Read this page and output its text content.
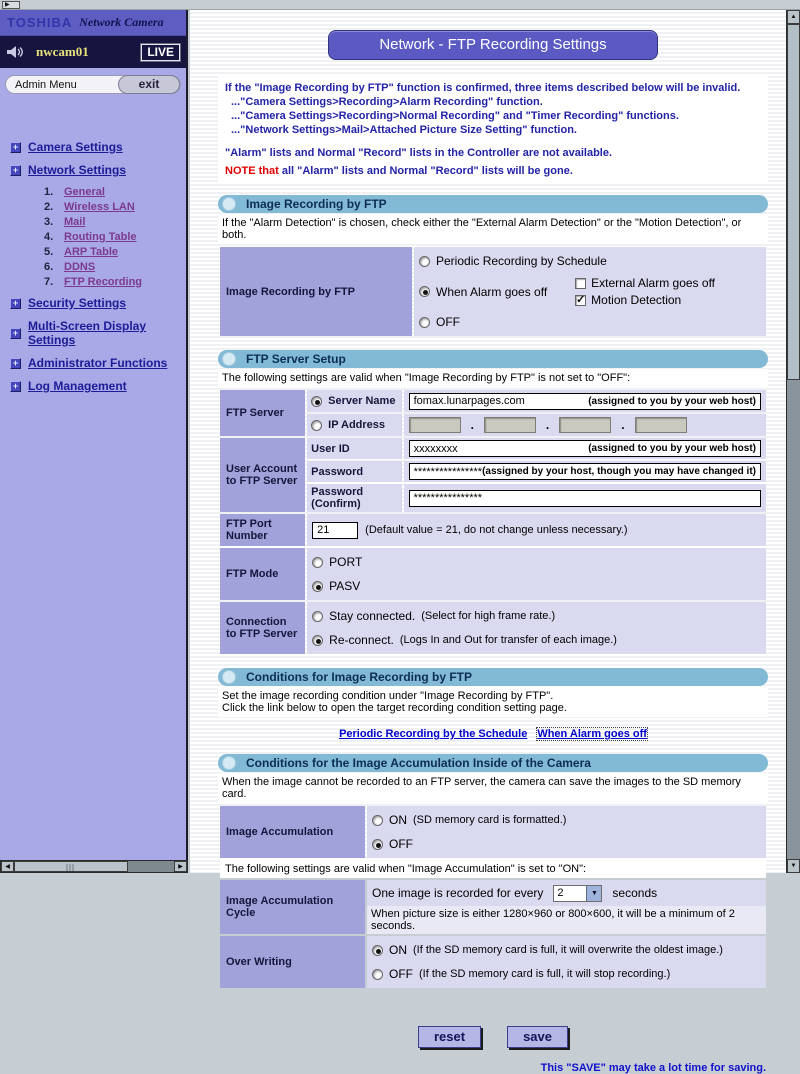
▶
TOSHIBA Network Camera
nwcam01	LIVE
Admin Menu	exit
+ Camera Settings
+ Network Settings
1. General
2. Wireless LAN
3. Mail
4. Routing Table
5. ARP Table
6. DDNS
7. FTP Recording
+ Security Settings
+ Multi-Screen Display Settings
+ Administrator Functions
+ Log Management
◀	▶
Network - FTP Recording Settings
If the "Image Recording by FTP" function is confirmed, three items described below will be invalid.
..."Camera Settings>Recording>Alarm Recording" function.
..."Camera Settings>Recording>Normal Recording" and "Timer Recording" functions.
..."Network Settings>Mail>Attached Picture Size Setting" function.
"Alarm" lists and Normal "Record" lists in the Controller are not available.
NOTE that all "Alarm" lists and Normal "Record" lists will be gone.
Image Recording by FTP
If the "Alarm Detection" is chosen, check either the "External Alarm Detection" or the "Motion Detection", or both.
Image Recording by FTP	
Periodic Recording by Schedule
When Alarm goes off
External Alarm goes off
✓ Motion Detection
OFF
FTP Server Setup
The following settings are valid when "Image Recording by FTP" is not set to "OFF":
FTP Server	Server Name	fomax.lunarpages.com (assigned to you by your web host)

	IP Address	. . .

User Account to FTP Server	User ID	xxxxxxxx (assigned to you by your web host)

	Password	**************** (assigned by your host, though you may have changed it)

	Password (Confirm)	****************

FTP Port Number	21 (Default value = 21, do not change unless necessary.)	

FTP Mode	PORT
PASV	

Connection to FTP Server	Stay connected. (Select for high frame rate.)
Re-connect. (Logs In and Out for transfer of each image.)	
Conditions for Image Recording by FTP
Set the image recording condition under "Image Recording by FTP".
Click the link below to open the target recording condition setting page.
Periodic Recording by the Schedule When Alarm goes off
Conditions for the Image Accumulation Inside of the Camera
When the image cannot be recorded to an FTP server, the camera can save the images to the SD memory card.
Image Accumulation	ON (SD memory card is formatted.)
OFF

The following settings are valid when "Image Accumulation" is set to "ON":	
Image Accumulation Cycle	One image is recorded for every 2 ▼ seconds
When picture size is either 1280×960 or 800×600, it will be a minimum of 2 seconds.

Over Writing	ON (If the SD memory card is full, it will overwrite the oldest image.)
OFF (If the SD memory card is full, it will stop recording.)
reset	save
This "SAVE" may take a lot time for saving.
▲
▼
